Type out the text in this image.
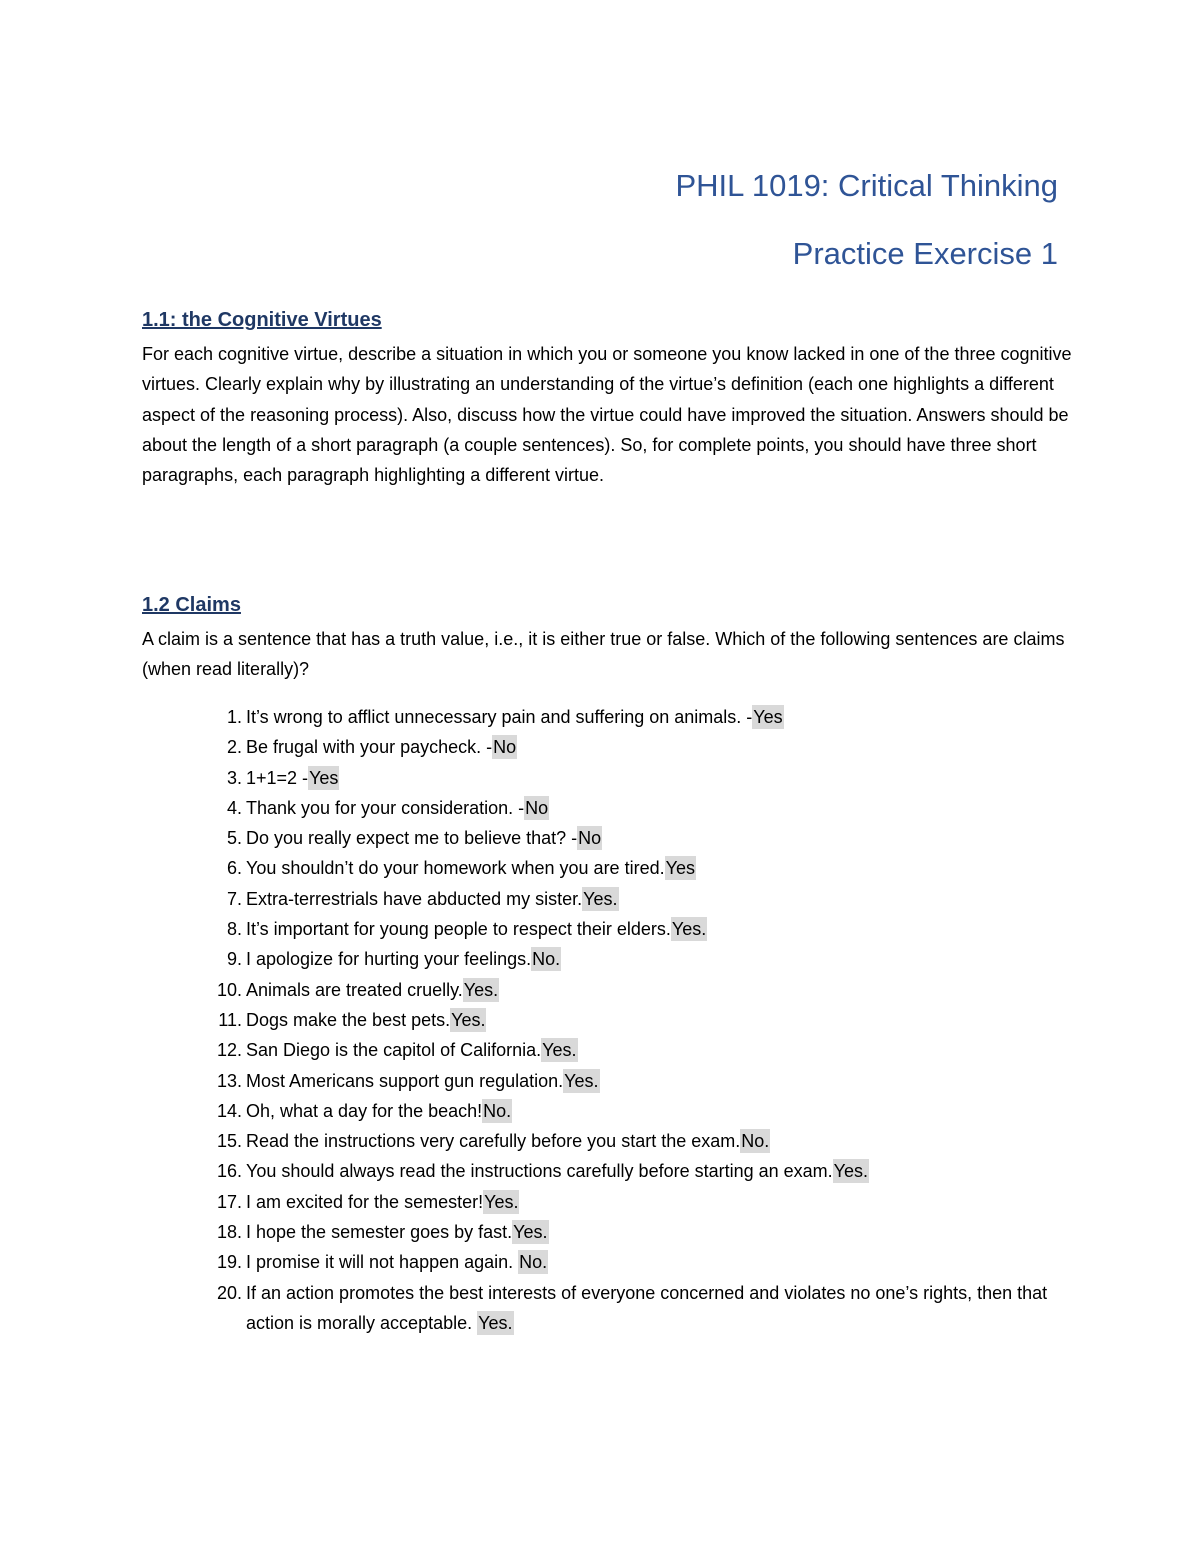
PHIL 1019: Critical Thinking
Practice Exercise 1
1.1: the Cognitive Virtues

For each cognitive virtue, describe a situation in which you or someone you know lacked in one of the three cognitive virtues. Clearly explain why by illustrating an understanding of the virtue’s definition (each one highlights a different aspect of the reasoning process). Also, discuss how the virtue could have improved the situation. Answers should be about the length of a short paragraph (a couple sentences). So, for complete points, you should have three short paragraphs, each paragraph highlighting a different virtue.

1.2 Claims

A claim is a sentence that has a truth value, i.e., it is either true or false. Which of the following sentences are claims (when read literally)?

1 . It’s wrong to afflict unnecessary pain and suffering on animals. -Yes
2 . Be frugal with your paycheck. -No
3 . 1+1=2 -Yes
4 . Thank you for your consideration. -No
5 . Do you really expect me to believe that? -No
6 . You shouldn’t do your homework when you are tired.Yes
7 . Extra-terrestrials have abducted my sister.Yes.
8 . It’s important for young people to respect their elders.Yes.
9 . I apologize for hurting your feelings.No.
10 . Animals are treated cruelly.Yes.
11 . Dogs make the best pets.Yes.
12 . San Diego is the capitol of California.Yes.
13 . Most Americans support gun regulation.Yes.
14 . Oh, what a day for the beach!No.
15 . Read the instructions very carefully before you start the exam.No.
16 . You should always read the instructions carefully before starting an exam.Yes.
17 . I am excited for the semester!Yes.
18 . I hope the semester goes by fast.Yes.
19 . I promise it will not happen again. No.
20 . If an action promotes the best interests of everyone concerned and violates no one’s rights, then that action is morally acceptable. Yes.
